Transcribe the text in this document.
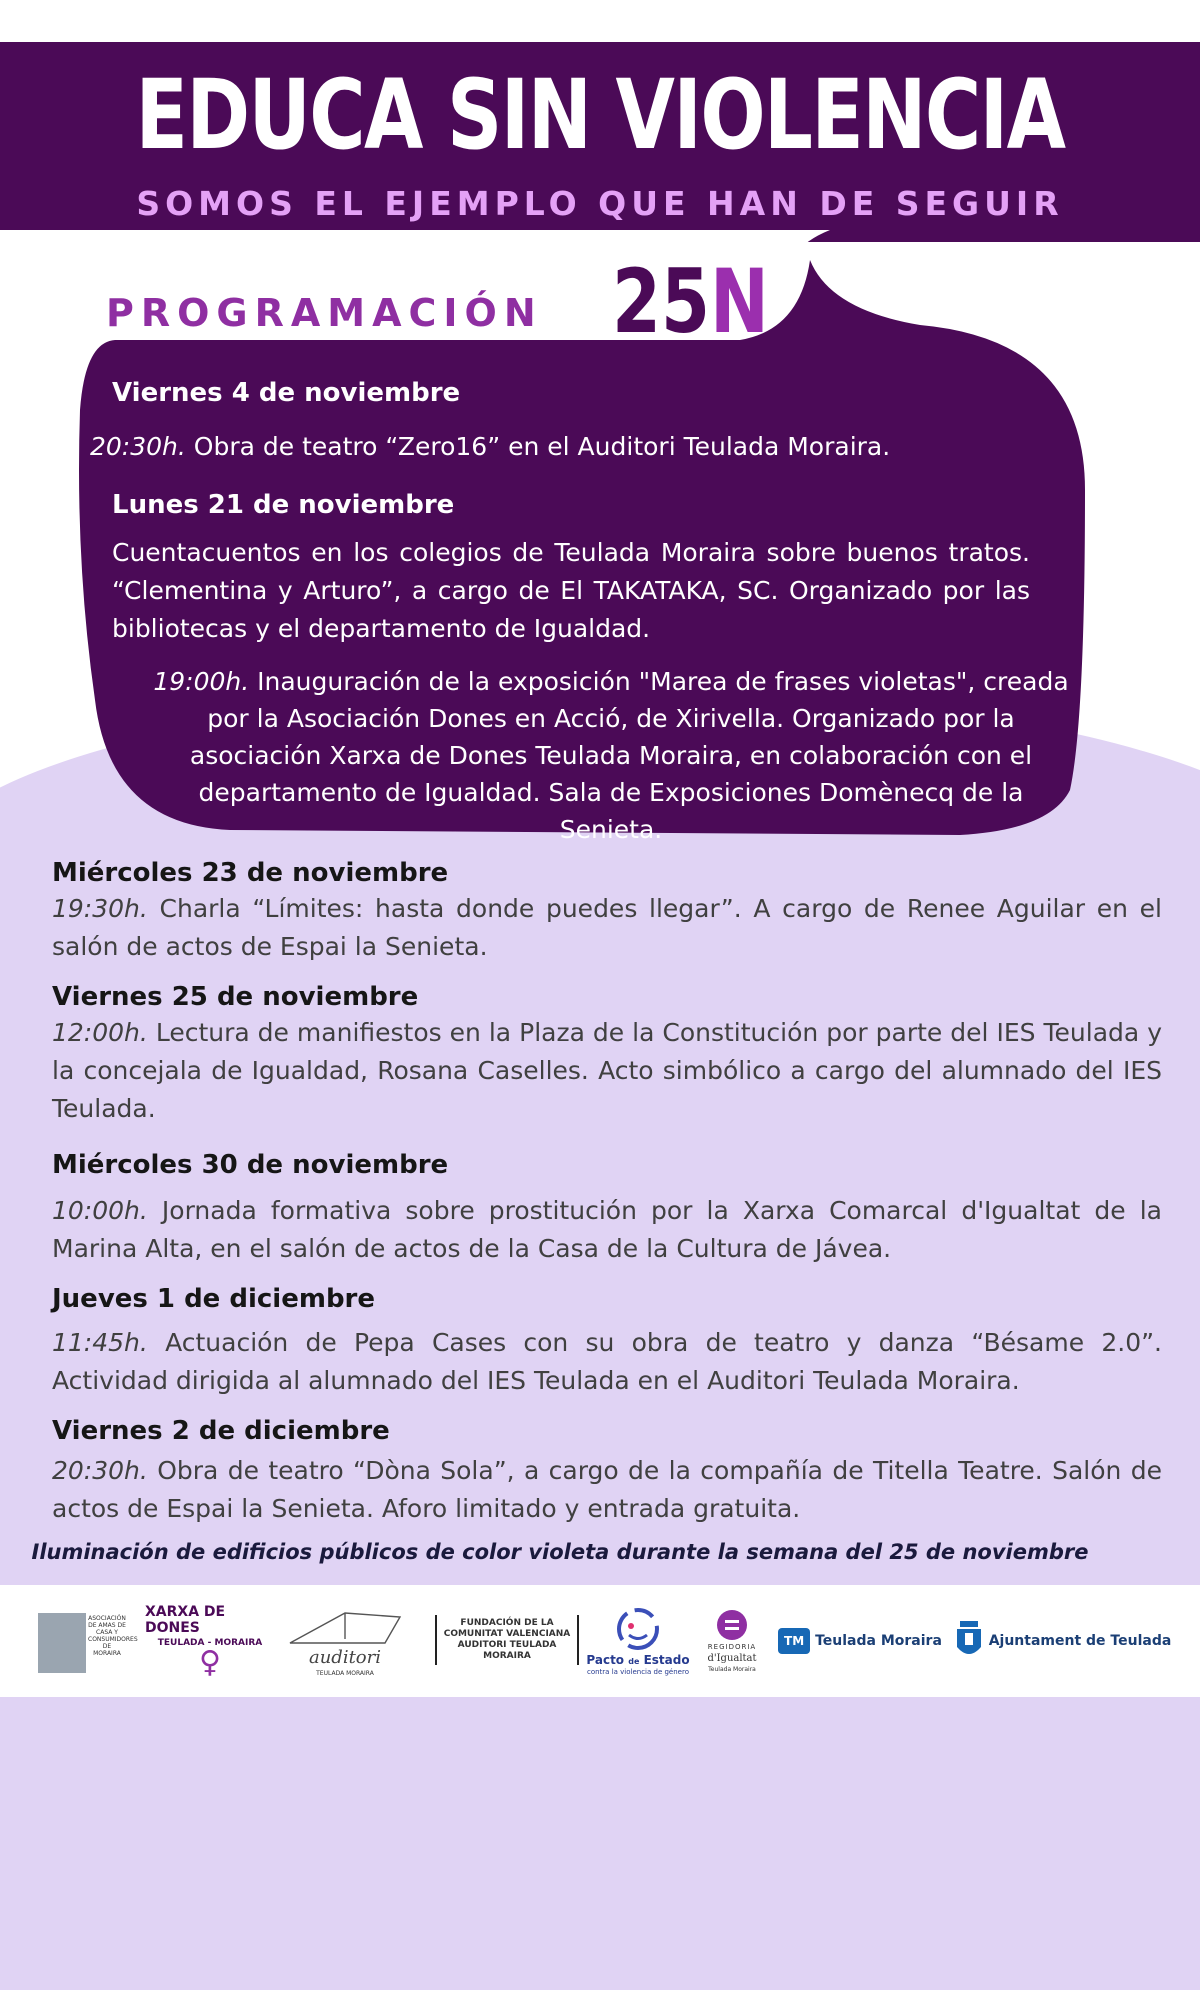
EDUCA SIN VIOLENCIA
SOMOS EL EJEMPLO QUE HAN DE SEGUIR
PROGRAMACIÓN 25N
Viernes 4 de noviembre
20:30h. Obra de teatro “Zero16” en el Auditori Teulada Moraira.
Lunes 21 de noviembre
Cuentacuentos en los colegios de Teulada Moraira sobre buenos tratos. “Clementina y Arturo”, a cargo de El TAKATAKA, SC. Organizado por las bibliotecas y el departamento de Igualdad.
19:00h. Inauguración de la exposición "Marea de frases violetas", creada por la Asociación Dones en Acció, de Xirivella. Organizado por la asociación Xarxa de Dones Teulada Moraira, en colaboración con el departamento de Igualdad. Sala de Exposiciones Domènecq de la Senieta.
Miércoles 23 de noviembre
19:30h. Charla “Límites: hasta donde puedes llegar”. A cargo de Renee Aguilar en el salón de actos de Espai la Senieta.
Viernes 25 de noviembre
12:00h. Lectura de manifiestos en la Plaza de la Constitución por parte del IES Teulada y la concejala de Igualdad, Rosana Caselles. Acto simbólico a cargo del alumnado del IES Teulada.
Miércoles 30 de noviembre
10:00h. Jornada formativa sobre prostitución por la Xarxa Comarcal d'Igualtat de la Marina Alta, en el salón de actos de la Casa de la Cultura de Jávea.
Jueves 1 de diciembre
11:45h. Actuación de Pepa Cases con su obra de teatro y danza “Bésame 2.0”. Actividad dirigida al alumnado del IES Teulada en el Auditori Teulada Moraira.
Viernes 2 de diciembre
20:30h. Obra de teatro “Dòna Sola”, a cargo de la compañía de Titella Teatre. Salón de actos de Espai la Senieta. Aforo limitado y entrada gratuita.
Iluminación de edificios públicos de color violeta durante la semana del 25 de noviembre
ASOCIACIÓN DE AMAS DE CASA Y CONSUMIDORES DE MORAIRA
XARXA DE DONES
TEULADA - MORAIRA
♀	auditori
TEULADA MORAIRA
FUNDACIÓN DE LA
COMUNITAT VALENCIANA
AUDITORI TEULADA MORAIRA	Pacto de Estado
contra la violencia de género
REGIDORIA
d'Igualtat
Teulada Moraira
TM Teulada Moraira	Ajuntament de Teulada
